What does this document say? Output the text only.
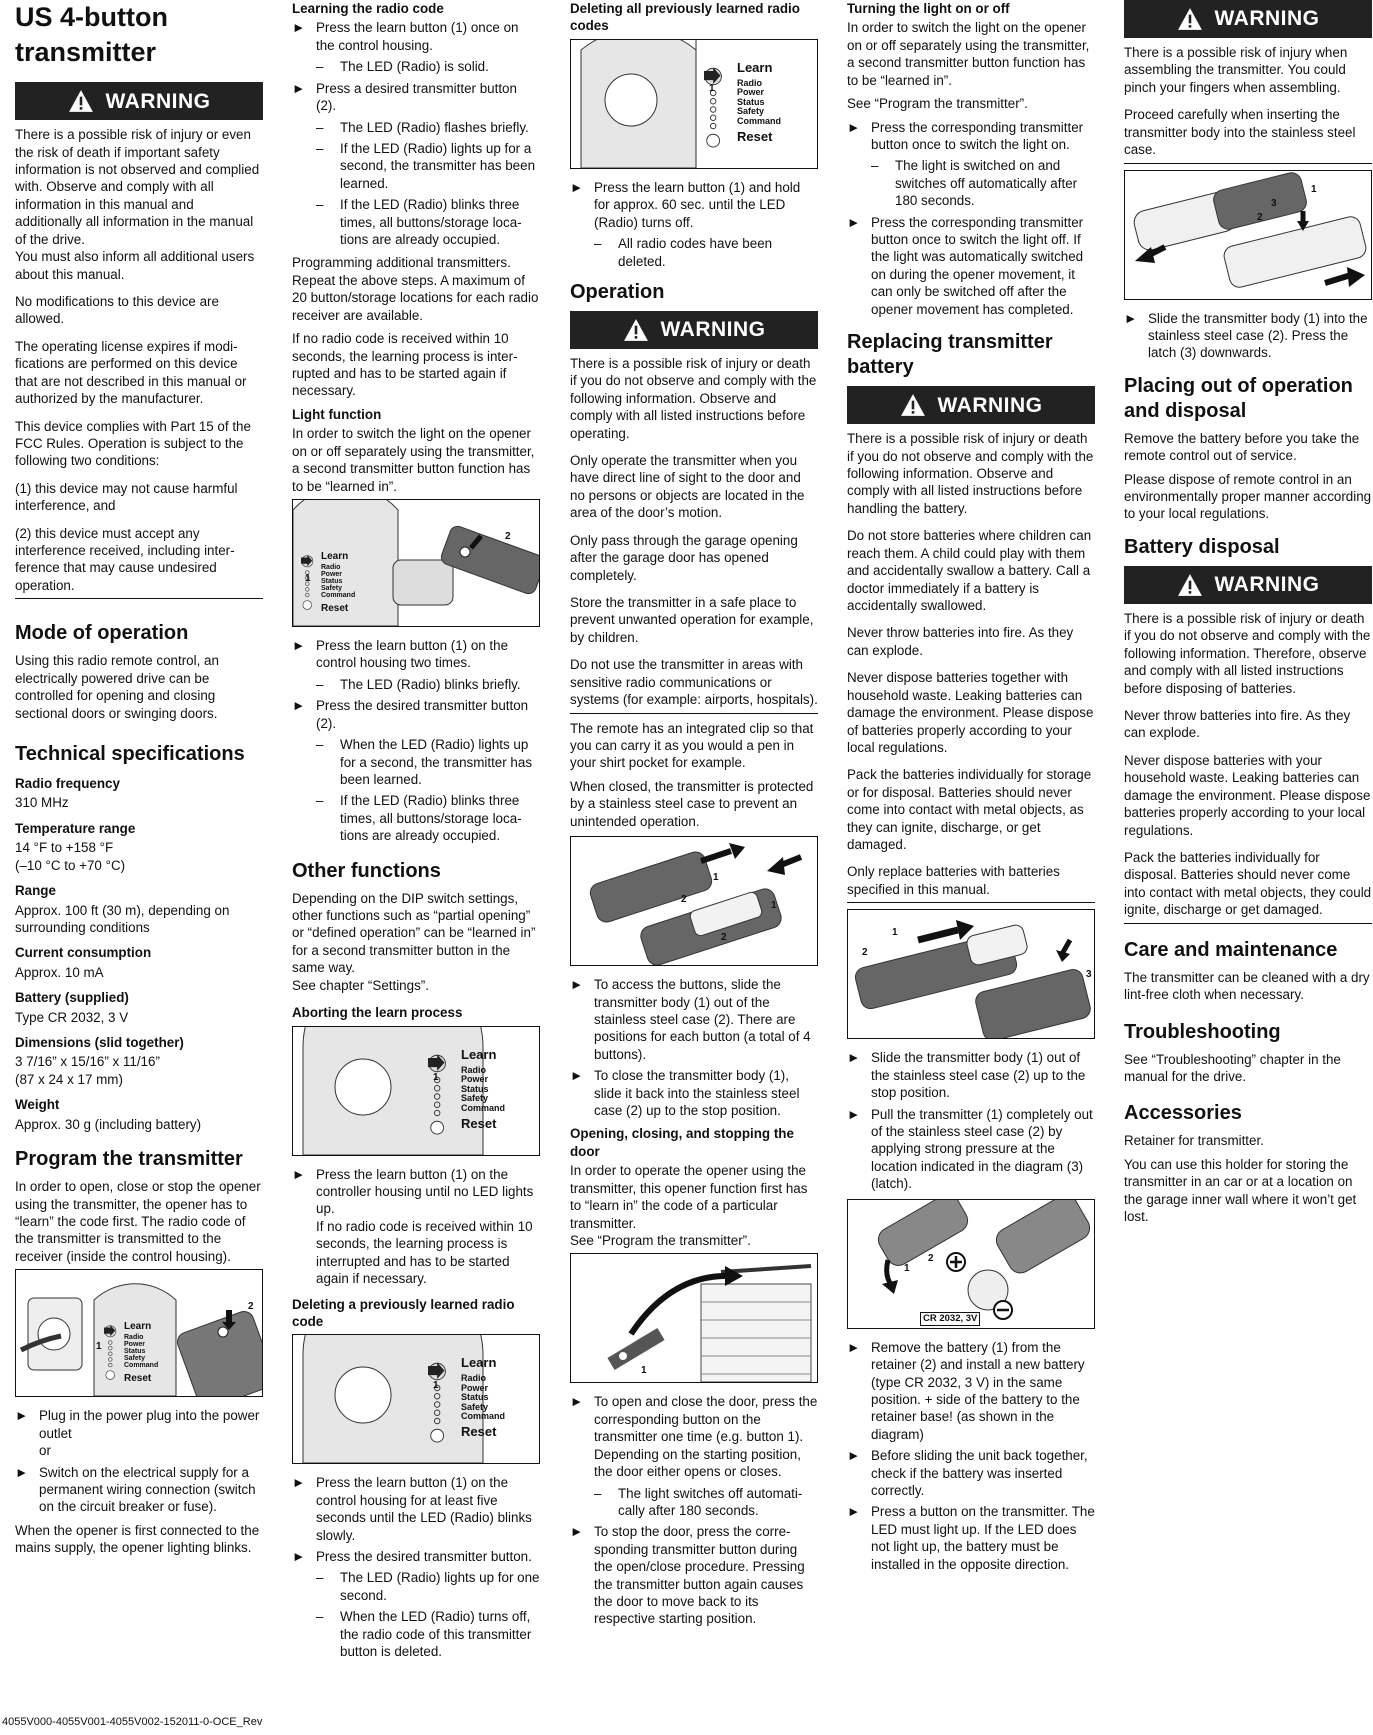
US 4-button transmitter
WARNING

There is a possible risk of injury or even the risk of death if important safety information is not observed and complied with. Observe and comply with all information in this manual and additionally all information in the manual of the drive.

You must also inform all additional users about this manual.

No modifications to this device are allowed.

The operating license expires if modifications are performed on this device that are not described in this manual or authorized by the manufacturer.

This device complies with Part 15 of the FCC Rules. Operation is subject to the following two conditions:

(1) this device may not cause harmful interference, and

(2) this device must accept any interference received, including interference that may cause undesired operation.

Mode of operation

Using this radio remote control, an electrically powered drive can be controlled for opening and closing sectional doors or swinging doors.

Technical specifications
Radio frequency

310 MHz

Temperature range

14 °F to +158 °F

(–10 °C to +70 °C)

Range

Approx. 100 ft (30 m), depending on surrounding conditions

Current consumption

Approx. 10 mA

Battery (supplied)

Type CR 2032, 3 V

Dimensions (slid together)

3 7/16” x 15/16” x 11/16”

(87 x 24 x 17 mm)

Weight

Approx. 30 g (including battery)

Program the transmitter

In order to open, close or stop the opener using the transmitter, the opener has to “learn” the code first. The radio code of the transmitter is transmitted to the receiver (inside the control housing).

Learn
Radio
Power
Status
Safety
Command
Reset
1
2
► Plug in the power plug into the power outlet
or
► Switch on the electrical supply for a permanent wiring connection (switch on the circuit breaker or fuse).

When the opener is first connected to the mains supply, the opener lighting blinks.

Learning the radio code
► Press the learn button (1) once on the control housing.
– The LED (Radio) is solid.
► Press a desired transmitter button (2).
– The LED (Radio) flashes briefly.
– If the LED (Radio) lights up for a second, the transmitter has been learned.
– If the LED (Radio) blinks three times, all buttons/storage locations are already occupied.

Programming additional transmitters. Repeat the above steps. A maximum of 20 button/storage locations for each radio receiver are available.

If no radio code is received within 10 seconds, the learning process is interrupted and has to be started again if necessary.

Light function

In order to switch the light on the opener on or off separately using the transmitter, a second transmitter button function has to be “learned in”.

Learn
Radio
Power
Status
Safety
Command
Reset
1
2
► Press the learn button (1) on the control housing two times.
– The LED (Radio) blinks briefly.
► Press the desired transmitter button (2).
– When the LED (Radio) lights up for a second, the transmitter has been learned.
– If the LED (Radio) blinks three times, all buttons/storage locations are already occupied.
Other functions

Depending on the DIP switch settings, other functions such as “partial opening” or “defined operation” can be “learned in” for a second transmitter button in the same way.

See chapter “Settings”.

Aborting the learn process
Learn
Radio
Power
Status
Safety
Command
Reset
1
► Press the learn button (1) on the controller housing until no LED lights up.
If no radio code is received within 10 seconds, the learning process is interrupted and has to be started again if necessary.
Deleting a previously learned radio code
Learn
Radio
Power
Status
Safety
Command
Reset
1
► Press the learn button (1) on the control housing for at least five seconds until the LED (Radio) blinks slowly.
► Press the desired transmitter button.
– The LED (Radio) lights up for one second.
– When the LED (Radio) turns off, the radio code of this transmitter button is deleted.
Deleting all previously learned radio codes
Learn
Radio
Power
Status
Safety
Command
Reset
1
► Press the learn button (1) and hold for approx. 60 sec. until the LED (Radio) turns off.
– All radio codes have been deleted.
Operation
WARNING

There is a possible risk of injury or death if you do not observe and comply with the following information. Observe and comply with all listed instructions before operating.

Only operate the transmitter when you have direct line of sight to the door and no persons or objects are located in the area of the door’s motion.

Only pass through the garage opening after the garage door has opened completely.

Store the transmitter in a safe place to prevent unwanted operation for example, by children.

Do not use the transmitter in areas with sensitive radio communications or systems (for example: airports, hospitals).

The remote has an integrated clip so that you can carry it as you would a pen in your shirt pocket for example.

When closed, the transmitter is protected by a stainless steel case to prevent an unintended operation.

1
2
1
2
► To access the buttons, slide the transmitter body (1) out of the stainless steel case (2). There are positions for each button (a total of 4 buttons).
► To close the transmitter body (1), slide it back into the stainless steel case (2) up to the stop position.
Opening, closing, and stopping the door

In order to operate the opener using the transmitter, this opener function first has to “learn in” the code of a particular transmitter.

See “Program the transmitter”.

1
► To open and close the door, press the corresponding button on the transmitter one time (e.g. button 1). Depending on the starting position, the door either opens or closes.
– The light switches off automatically after 180 seconds.
► To stop the door, press the corresponding transmitter button during the open/close procedure. Pressing the transmitter button again causes the door to move back to its respective starting position.
Turning the light on or off

In order to switch the light on the opener on or off separately using the transmitter, a second transmitter button function has to be “learned in”.

See “Program the transmitter”.

► Press the corresponding transmitter button once to switch the light on.
– The light is switched on and switches off automatically after 180 seconds.
► Press the corresponding transmitter button once to switch the light off. If the light was automatically switched on during the opener movement, it can only be switched off after the opener movement has completed.
Replacing transmitter battery
WARNING

There is a possible risk of injury or death if you do not observe and comply with the following information. Observe and comply with all listed instructions before handling the battery.

Do not store batteries where children can reach them. A child could play with them and accidentally swallow a battery. Call a doctor immediately if a battery is accidentally swallowed.

Never throw batteries into fire. As they can explode.

Never dispose batteries together with household waste. Leaking batteries can damage the environment. Please dispose of batteries properly according to your local regulations.

Pack the batteries individually for storage or for disposal. Batteries should never come into contact with metal objects, as they can ignite, discharge, or get damaged.

Only replace batteries with batteries specified in this manual.

1
2
3
► Slide the transmitter body (1) out of the stainless steel case (2) up to the stop position.
► Pull the transmitter (1) completely out of the stainless steel case (2) by applying strong pressure at the location indicated in the diagram (3) (latch).
1
2
CR 2032, 3V
► Remove the battery (1) from the retainer (2) and install a new battery (type CR 2032, 3 V) in the same position. + side of the battery to the retainer base! (as shown in the diagram)
► Before sliding the unit back together, check if the battery was inserted correctly.
► Press a button on the transmitter. The LED must light up. If the LED does not light up, the battery must be installed in the opposite direction.
WARNING

There is a possible risk of injury when assembling the transmitter. You could pinch your fingers when assembling.

Proceed carefully when inserting the transmitter body into the stainless steel case.

1
2
3
► Slide the transmitter body (1) into the stainless steel case (2). Press the latch (3) downwards.
Placing out of operation and disposal

Remove the battery before you take the remote control out of service.

Please dispose of remote control in an environmentally proper manner according to your local regulations.

Battery disposal
WARNING

There is a possible risk of injury or death if you do not observe and comply with the following information. Therefore, observe and comply with all listed instructions before disposing of batteries.

Never throw batteries into fire. As they can explode.

Never dispose batteries with your household waste. Leaking batteries can damage the environment. Please dispose batteries properly according to your local regulations.

Pack the batteries individually for disposal. Batteries should never come into contact with metal objects, they could ignite, discharge or get damaged.

Care and maintenance

The transmitter can be cleaned with a dry lint-free cloth when necessary.

Troubleshooting

See “Troubleshooting” chapter in the manual for the drive.

Accessories

Retainer for transmitter.

You can use this holder for storing the transmitter in an car or at a location on the garage inner wall where it won’t get lost.

4055V000-4055V001-4055V002-152011-0-OCE_Rev
